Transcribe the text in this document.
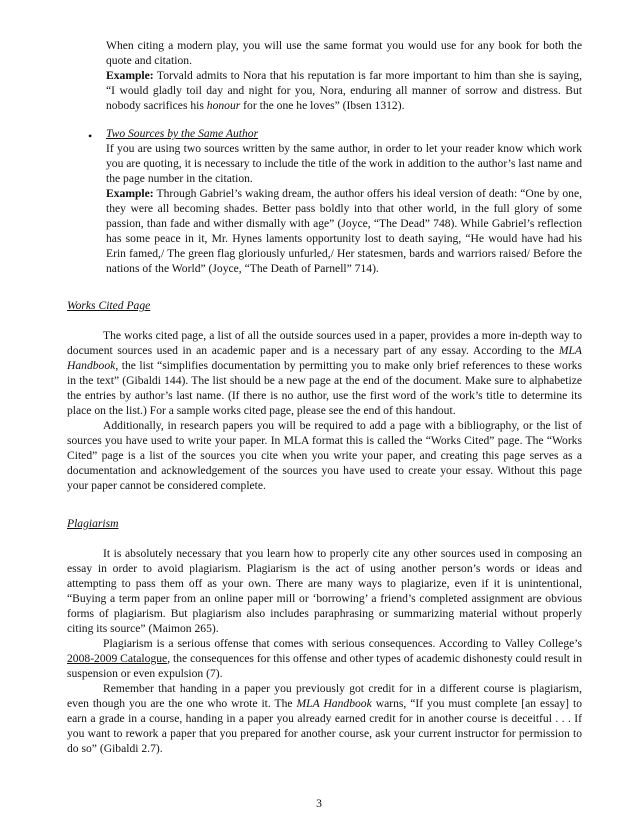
When citing a modern play, you will use the same format you would use for any book for both the quote and citation.

Example: Torvald admits to Nora that his reputation is far more important to him than she is saying, “I would gladly toil day and night for you, Nora, enduring all manner of sorrow and distress. But nobody sacrifices his honour for the one he loves” (Ibsen 1312).

• Two Sources by the Same Author

If you are using two sources written by the same author, in order to let your reader know which work you are quoting, it is necessary to include the title of the work in addition to the author’s last name and the page number in the citation.

Example: Through Gabriel’s waking dream, the author offers his ideal version of death: “One by one, they were all becoming shades. Better pass boldly into that other world, in the full glory of some passion, than fade and wither dismally with age” (Joyce, “The Dead” 748). While Gabriel’s reflection has some peace in it, Mr. Hynes laments opportunity lost to death saying, “He would have had his Erin famed,/ The green flag gloriously unfurled,/ Her statesmen, bards and warriors raised/ Before the nations of the World” (Joyce, “The Death of Parnell” 714).

Works Cited Page

The works cited page, a list of all the outside sources used in a paper, provides a more in-depth way to document sources used in an academic paper and is a necessary part of any essay. According to the MLA Handbook, the list “simplifies documentation by permitting you to make only brief references to these works in the text” (Gibaldi 144). The list should be a new page at the end of the document. Make sure to alphabetize the entries by author’s last name. (If there is no author, use the first word of the work’s title to determine its place on the list.) For a sample works cited page, please see the end of this handout.

Additionally, in research papers you will be required to add a page with a bibliography, or the list of sources you have used to write your paper. In MLA format this is called the “Works Cited” page. The “Works Cited” page is a list of the sources you cite when you write your paper, and creating this page serves as a documentation and acknowledgement of the sources you have used to create your essay. Without this page your paper cannot be considered complete.

Plagiarism

It is absolutely necessary that you learn how to properly cite any other sources used in composing an essay in order to avoid plagiarism. Plagiarism is the act of using another person’s words or ideas and attempting to pass them off as your own. There are many ways to plagiarize, even if it is unintentional, “Buying a term paper from an online paper mill or ‘borrowing’ a friend’s completed assignment are obvious forms of plagiarism. But plagiarism also includes paraphrasing or summarizing material without properly citing its source” (Maimon 265).

Plagiarism is a serious offense that comes with serious consequences. According to Valley College’s 2008-2009 Catalogue, the consequences for this offense and other types of academic dishonesty could result in suspension or even expulsion (7).

Remember that handing in a paper you previously got credit for in a different course is plagiarism, even though you are the one who wrote it. The MLA Handbook warns, “If you must complete [an essay] to earn a grade in a course, handing in a paper you already earned credit for in another course is deceitful . . . If you want to rework a paper that you prepared for another course, ask your current instructor for permission to do so” (Gibaldi 2.7).

3
